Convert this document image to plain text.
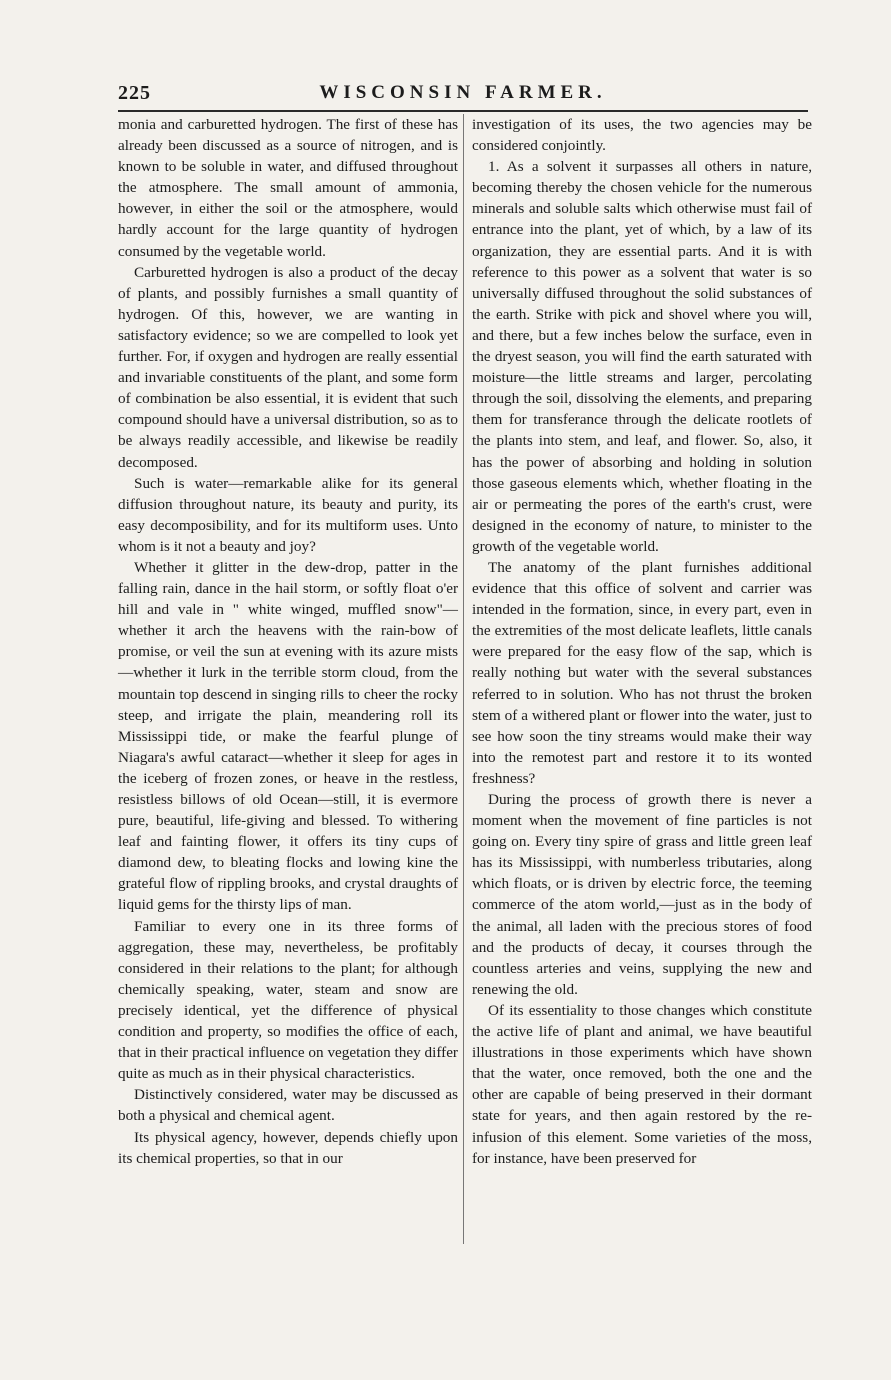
225	WISCONSIN FARMER.

monia and carburetted hydrogen. The first of these has already been discussed as a source of nitrogen, and is known to be soluble in water, and diffused throughout the atmosphere. The small amount of ammonia, however, in either the soil or the atmosphere, would hardly account for the large quantity of hydrogen consumed by the vegetable world.

Carburetted hydrogen is also a product of the decay of plants, and possibly furnishes a small quantity of hydrogen. Of this, however, we are wanting in satisfactory evidence; so we are compelled to look yet further. For, if oxygen and hydrogen are really essential and invariable constituents of the plant, and some form of combination be also essential, it is evident that such compound should have a universal distribution, so as to be always readily accessible, and likewise be readily decomposed.

Such is water—remarkable alike for its general diffusion throughout nature, its beauty and purity, its easy decomposibility, and for its multiform uses. Unto whom is it not a beauty and joy?

Whether it glitter in the dew-drop, patter in the falling rain, dance in the hail storm, or softly float o'er hill and vale in " white winged, muffled snow"—whether it arch the heavens with the rain-bow of promise, or veil the sun at evening with its azure mists—whether it lurk in the terrible storm cloud, from the mountain top descend in singing rills to cheer the rocky steep, and irrigate the plain, meandering roll its Mississippi tide, or make the fearful plunge of Niagara's awful cataract—whether it sleep for ages in the iceberg of frozen zones, or heave in the restless, resistless billows of old Ocean—still, it is evermore pure, beautiful, life-giving and blessed. To withering leaf and fainting flower, it offers its tiny cups of diamond dew, to bleating flocks and lowing kine the grateful flow of rippling brooks, and crystal draughts of liquid gems for the thirsty lips of man.

Familiar to every one in its three forms of aggregation, these may, nevertheless, be profitably considered in their relations to the plant; for although chemically speaking, water, steam and snow are precisely identical, yet the difference of physical condition and property, so modifies the office of each, that in their practical influence on vegetation they differ quite as much as in their physical characteristics.

Distinctively considered, water may be discussed as both a physical and chemical agent.

Its physical agency, however, depends chiefly upon its chemical properties, so that in our

investigation of its uses, the two agencies may be considered conjointly.

1. As a solvent it surpasses all others in nature, becoming thereby the chosen vehicle for the numerous minerals and soluble salts which otherwise must fail of entrance into the plant, yet of which, by a law of its organization, they are essential parts. And it is with reference to this power as a solvent that water is so universally diffused throughout the solid substances of the earth. Strike with pick and shovel where you will, and there, but a few inches below the surface, even in the dryest season, you will find the earth saturated with moisture—the little streams and larger, percolating through the soil, dissolving the elements, and preparing them for transferance through the delicate rootlets of the plants into stem, and leaf, and flower. So, also, it has the power of absorbing and holding in solution those gaseous elements which, whether floating in the air or permeating the pores of the earth's crust, were designed in the economy of nature, to minister to the growth of the vegetable world.

The anatomy of the plant furnishes additional evidence that this office of solvent and carrier was intended in the formation, since, in every part, even in the extremities of the most delicate leaflets, little canals were prepared for the easy flow of the sap, which is really nothing but water with the several substances referred to in solution. Who has not thrust the broken stem of a withered plant or flower into the water, just to see how soon the tiny streams would make their way into the remotest part and restore it to its wonted freshness?

During the process of growth there is never a moment when the movement of fine particles is not going on. Every tiny spire of grass and little green leaf has its Mississippi, with numberless tributaries, along which floats, or is driven by electric force, the teeming commerce of the atom world,—just as in the body of the animal, all laden with the precious stores of food and the products of decay, it courses through the countless arteries and veins, supplying the new and renewing the old.

Of its essentiality to those changes which constitute the active life of plant and animal, we have beautiful illustrations in those experiments which have shown that the water, once removed, both the one and the other are capable of being preserved in their dormant state for years, and then again restored by the re-infusion of this element. Some varieties of the moss, for instance, have been preserved for
